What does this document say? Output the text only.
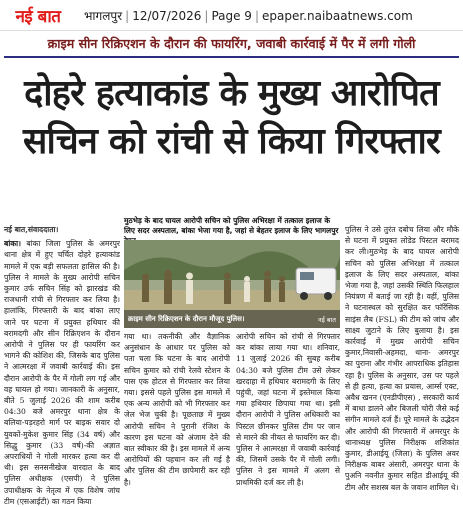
नई बात	भागलपुर | 12/07/2026 | Page 9 | epaper.naibaatnews.com
क्राइम सीन रिक्रिएशन के दौरान की फायरिंग, जवाबी कार्रवाई में पैर में लगी गोली
दोहरे हत्याकांड के मुख्य आरोपित
सचिन को रांची से किया गिरफ्तार
नई बात,संवाददाता।
बांका। बांका जिला पुलिस के अमरपुर थाना क्षेत्र में हुए चर्चित दोहरे हत्याकांड मामले में एक बड़ी सफलता हासिल की है। पुलिस ने मामले के मुख्य आरोपी सचिन कुमार उर्फ सचिन सिंह को झारखंड की राजधानी रांची से गिरफ्तार कर लिया है। हालांकि, गिरफ्तारी के बाद बांका लाए जाने पर घटना में प्रयुक्त हथियार की बरामदगी और सीन रिक्रिएशन के दौरान आरोपी ने पुलिस पर ही फायरिंग कर भागने की कोशिश की, जिसके बाद पुलिस ने आत्मरक्षा में जवाबी कार्रवाई की। इस दौरान आरोपी के पैर में गोली लग गई और वह घायल हो गया। जानकारी के अनुसार, बीते 5 जुलाई 2026 की शाम करीब 04:30 बजे अमरपुर थाना क्षेत्र के बलिया-पड़रहरो मार्ग पर बाइक सवार दो युवकों-मुकेश कुमार सिंह (34 वर्ष) और सिद्धु कुमार (33 वर्ष)-की अज्ञात अपराधियों ने गोली मारकर हत्या कर दी थी। इस सनसनीखेज वारदात के बाद पुलिस अधीक्षक (एसपी) ने पुलिस उपाधीक्षक के नेतृत्व में एक विशेष जांच टीम (एसआईटी) का गठन किया
मुठभेड़ के बाद घायल आरोपी सचिन को पुलिस अभिरक्षा में तत्काल इलाज के लिए सदर अस्पताल, बांका भेजा गया है, जहां से बेहतर इलाज के लिए भागलपुर
क्राइम सीन रिक्रिएशन के दौरान मौजूद पुलिस।	नई बात
गया था। तकनीकी और वैज्ञानिक अनुसंधान के आधार पर पुलिस को पता चला कि घटना के बाद आरोपी सचिन कुमार को रांची रेलवे स्टेशन के पास एक होटल से गिरफ्तार कर लिया गया। इससे पहले पुलिस इस मामले में एक अन्य आरोपी को भी गिरफ्तार कर जेल भेज चुकी है। पूछताछ में मुख्य आरोपी सचिन ने पुरानी रंजिश के कारण इस घटना को अंजाम देने की बात स्वीकार की है। इस मामले में अन्य आरोपियों की पहचान कर ली गई है और पुलिस की टीम छापेमारी कर रही है।
आरोपी सचिन को रांची से गिरफ्तार कर बांका लाया गया था। शनिवार, 11 जुलाई 2026 की सुबह करीब 04:30 बजे पुलिस टीम उसे लेकर खरदाहा में हथियार बरामदगी के लिए पहुंची, जहां घटना में इस्तेमाल किया गया हथियार छिपाया गया था। इसी दौरान आरोपी ने पुलिस अधिकारी का पिस्टल छीनकर पुलिस टीम पर जान से मारने की नीयत से फायरिंग कर दी। पुलिस ने आत्मरक्षा में जवाबी कार्रवाई की, जिसमें उसके पैर में गोली लगी। पुलिस ने इस मामले में अलग से प्राथमिकी दर्ज कर ली है।
पुलिस ने उसे तुरंत दबोच लिया और मौके से घटना में प्रयुक्त लोडेड पिस्टल बरामद कर ली।मुठभेड़ के बाद घायल आरोपी सचिन को पुलिस अभिरक्षा में तत्काल इलाज के लिए सदर अस्पताल, बांका भेजा गया है, जहां उसकी स्थिति फिलहाल नियंत्रण में बताई जा रही है। वहीं, पुलिस ने घटनास्थल को सुरक्षित कर फॉरेंसिक साइंस लैब (FSL) की टीम को जांच और साक्ष्य जुटाने के लिए बुलाया है। इस कार्रवाई में मुख्य आरोपी सचिन कुमार,निवासी-अहमदा, थाना- अमरपुर का पुराना और गंभीर आपराधिक इतिहास रहा है। पुलिस के अनुसार, उस पर पहले से ही हत्या, हत्या का प्रयास, आर्म्स एक्ट, अवैध खनन (एनडीपीएस) , सरकारी कार्य में बाधा डालने और बिजली चोरी जैसे कई संगीन मामले दर्ज हैं। पूरे मामले के उद्भेदन और आरोपी की गिरफ्तारी में अमरपुर के थानाध्यक्ष पुलिस निरीक्षक शशिकांत कुमार, डीआईयू (जिला) के पुलिस अवर निरीक्षक बाबर अंसारी, अमरपुर थाना के पुअनि नवनीत कुमार सहित डीआईयू की टीम और सशस्त्र बल के जवान शामिल थे।
